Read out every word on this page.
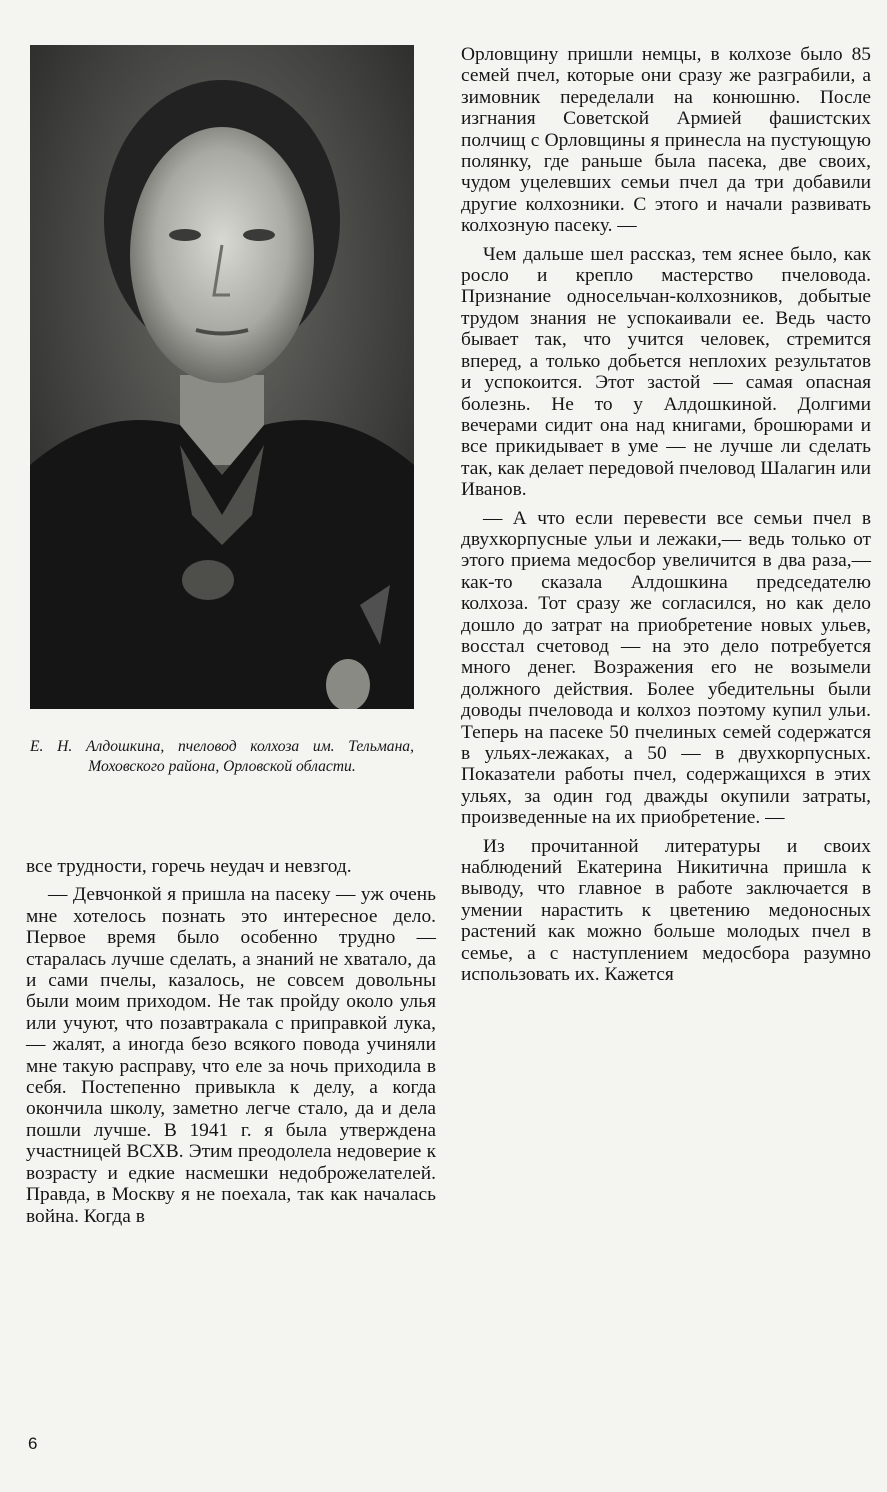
Е. Н. Алдошкина, пчеловод колхоза им. Тельмана, Моховского района, Орловской области.

все трудности, горечь неудач и невзгод.

— Девчонкой я пришла на пасеку — уж очень мне хотелось познать это интересное дело. Первое время было особенно трудно — старалась лучше сделать, а знаний не хватало, да и сами пчелы, казалось, не совсем довольны были моим приходом. Не так пройду около улья или учуют, что позавтракала с приправкой лука, — жалят, а иногда безо всякого повода учиняли мне такую расправу, что еле за ночь приходила в себя. Постепенно привыкла к делу, а когда окончила школу, заметно легче стало, да и дела пошли лучше. В 1941 г. я была утверждена участницей ВСХВ. Этим преодолела недоверие к возрасту и едкие насмешки недоброжелателей. Правда, в Москву я не поехала, так как началась война. Когда в

Орловщину пришли немцы, в колхозе было 85 семей пчел, которые они сразу же разграбили, а зимовник переделали на конюшню. После изгнания Советской Армией фашистских полчищ с Орловщины я принесла на пустующую полянку, где раньше была пасека, две своих, чудом уцелевших семьи пчел да три добавили другие колхозники. С этого и начали развивать колхозную пасеку. —

Чем дальше шел рассказ, тем яснее было, как росло и крепло мастерство пчеловода. Признание односельчан-колхозников, добытые трудом знания не успокаивали ее. Ведь часто бывает так, что учится человек, стремится вперед, а только добьется неплохих результатов и успокоится. Этот застой — самая опасная болезнь. Не то у Алдошкиной. Долгими вечерами сидит она над книгами, брошюрами и все прикидывает в уме — не лучше ли сделать так, как делает передовой пчеловод Шалагин или Иванов.

— А что если перевести все семьи пчел в двухкорпусные ульи и лежаки,— ведь только от этого приема медосбор увеличится в два раза,— как-то сказала Алдошкина председателю колхоза. Тот сразу же согласился, но как дело дошло до затрат на приобретение новых ульев, восстал счетовод — на это дело потребуется много денег. Возражения его не возымели должного действия. Более убедительны были доводы пчеловода и колхоз поэтому купил ульи. Теперь на пасеке 50 пчелиных семей содержатся в ульях-лежаках, а 50 — в двухкорпусных. Показатели работы пчел, содержащихся в этих ульях, за один год дважды окупили затраты, произведенные на их приобретение. —

Из прочитанной литературы и своих наблюдений Екатерина Никитична пришла к выводу, что главное в работе заключается в умении нарастить к цветению медоносных растений как можно больше молодых пчел в семье, а с наступлением медосбора разумно использовать их. Кажется

6
